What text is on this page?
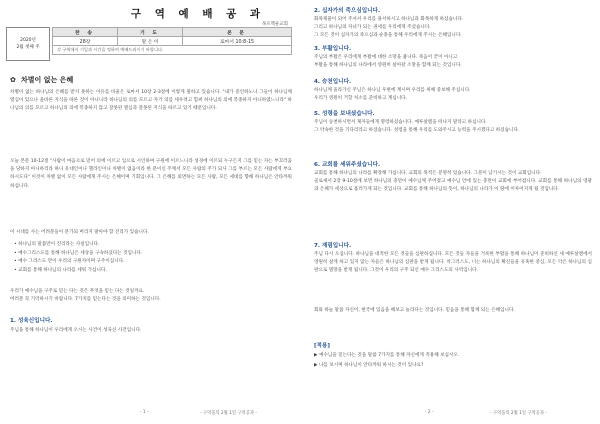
구 역 예 배 공 과
목포백운교회
2020년
2월 첫째 주
찬 송	기 도	본 문
28장	말 은 이	로마서 10:8-15
각 구역에서 기일과 시간을 정하여 예배드리시기 바랍니다.		
✿ 차별이 없는 은혜
차별이 없는 하나님의 은혜를 받지 못하는 이유를 바울은 로마서 10장 2-3절에 이렇게 말하고 있습니다. "내가 증언하노니 그들이 하나님께 열심이 있으나 올바른 지식을 따른 것이 아니니라 하나님의 의를 모르고 자기 의를 세우려고 힘써 하나님의 의에 복종하지 아니하였느니라" 하나님의 의를 모르고 하나님의 의에 복종하지 않고 잘못된 열심과 잘못된 지식을 따르고 있기 때문입니다.
오늘 본문 10-12절 "사람이 마음으로 믿어 의에 이르고 입으로 시인하여 구원에 이르느니라 성경에 이르되 누구든지 그를 믿는 자는 부끄러움을 당하지 아니하리라 하니 유대인이나 헬라인이나 차별이 없음이라 한 분이신 주께서 모든 사람의 주가 되사 그를 부르는 모든 사람에게 부요하시도다" 이것이 차별 없이 모든 사람에게 주시는 은혜이며 기회입니다. 그 은혜를 외면하는 모든 사람, 모든 세대를 향해 하나님은 안타까워하십니다.
이 시대를 사는 어려분들이 분가되 버리지 말아야 할 진리가 있습니다.
• 하나님의 말씀만이 진리라는 사실입니다.
• 예수그리스도를 통해 하나님은 세상을 구속하셨다는 것입니다.
• 예수 그리스도 만이 우리의 구원자이며 구주이십니다.
• 교회를 통해 하나님의 나라를 세워 가십니다.
우리가 예수님을 구주로 믿는 다는 것은 무엇을 믿는 다는 것일까요.
여러분 꼭 기억하시기 바랍니다. 7가지를 믿는다는 것을 의미하는 것입니다.
1. 성육신입니다.
주님을 통해 하나님이 우리에게 오시는 사건이 성육신 사건입니다.
- 1 -	- 구역을의 2월 1일 구역공과 -
2. 십자가의 죽으심입니다.
화목제물이 되어 주셔서 우리를 용서하시고 하나님과 화목하게 하셨습니다.
그리고 하나님의 자녀가 되는 권세를 우리에게 주셨습니다.
그 모든 것이 십자가의 죽으심과 순종을 통해 우리에게 주시는 은혜입니다.
3. 부활입니다.
주님의 부활은 우리에게 부활에 대한 소망을 줍니다. 죽음이 끝이 아니고
부활을 통해 하나님의 나라에서 영원히 살아갈 소망을 함께 되는 것입니다.
4. 승천입니다.
하나님께 올라가신 주님은 하나님 우편에 계시며 우리를 위해 중보해 주십니다.
우리가 영원히 거할 처소를 준비하고 계십니다.
5. 성령을 보내셨습니다.
주님이 승천하시면서 제자들에게 명령하셨습니다. 예루살렘을 떠나지 말라고 하십니다.
그 약속한 것을 기다리라고 하셨습니다. 성령을 통해 우리를 도와주시고 능력을 주시겠다고 하셨습니다.
6. 교회를 세워주셨습니다.
교회를 통해 하나님의 나라를 확장해 가십니다. 교회의 목적은 분명히 있습니다. 그분이 남기시는 것이 교회입니다.
골로새서 2장 9-10절에 보면 하나님의 충만이 예수님께 주어졌고 예수님 안에 있는 충만이 교회에 부어집니다. 교회를 통해 하나님의 영광과 은혜가 세상으로 흘러가게 되는 것입니다. 교회를 통해 하나님의 뜻이, 하나님의 나라가 이 땅에 이루어지게 될 것입니다.
7. 재림입니다.
주님 다시 오십니다. 하나님을 대적한 모든 것들을 심판하십니다. 모든 것들 자들을 거룩한 부활을 통해 하나님이 준비하신 새 예루살렘에서 영원히 살게 하고 있지 않는 자들은 하나님의 심판을 받게 됩니다. 착그러스도, 너는 하나님의 확신들을 유혹한 중심, 모든 악은 하나님의 심판으로 멸망을 받게 됩니다. 그것이 우리의 구주 되신 예수 그리스도의 사역입니다.
회와 하늘 말씀 자신이, 현국에 있음을 해보고 놀라다는 것입니다. 믿음을 통해 함께 되는 은혜입니다.
[적용]
▶ 예수님을 믿는다는 것을 말씀 7가지를 통해 자신에게 적용해 보십시오.
▶ 나를 보시며 하나님이 안타까워 하시는 것이 있나요?
- 2 -	- 구역을의 2월 1일 구역공과 -
